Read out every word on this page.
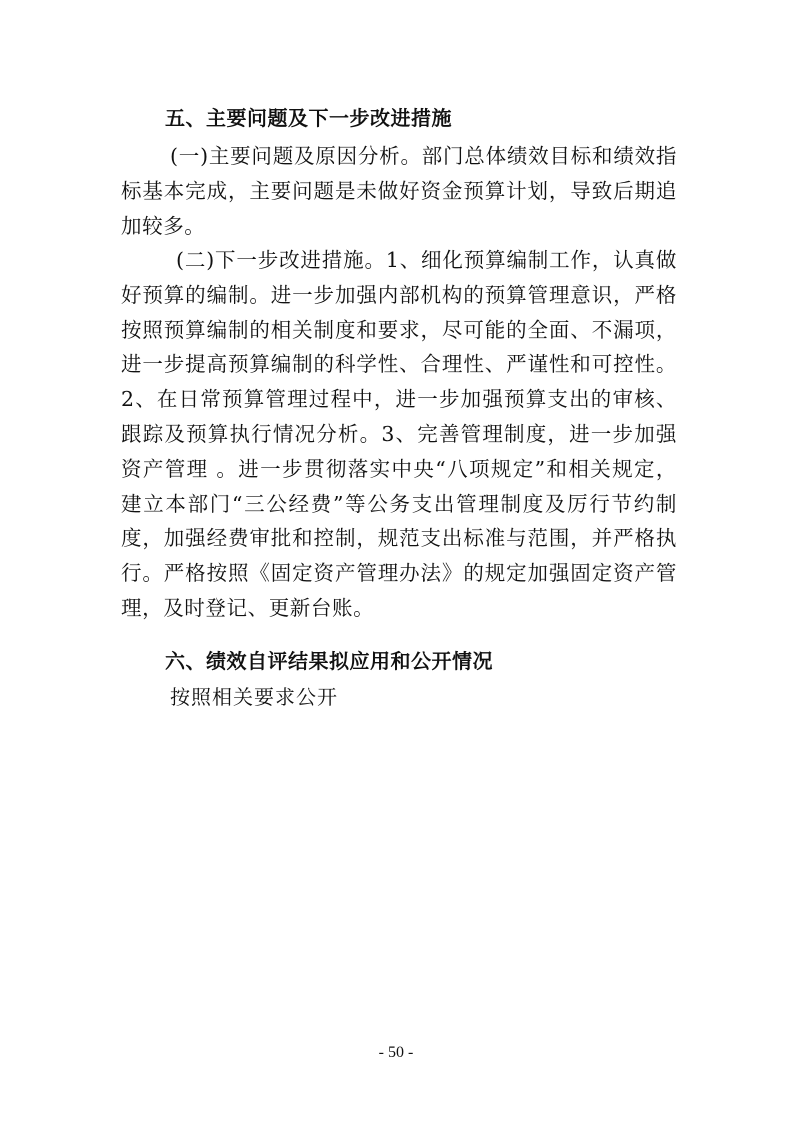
五、主要问题及下一步改进措施

(一)主要问题及原因分析。部门总体绩效目标和绩效指标基本完成，主要问题是未做好资金预算计划，导致后期追加较多。

(二)下一步改进措施。1、细化预算编制工作，认真做好预算的编制。进一步加强内部机构的预算管理意识，严格按照预算编制的相关制度和要求，尽可能的全面、不漏项，进一步提高预算编制的科学性、合理性、严谨性和可控性。2、在日常预算管理过程中，进一步加强预算支出的审核、跟踪及预算执行情况分析。3、完善管理制度，进一步加强资产管理 。进一步贯彻落实中央“八项规定”和相关规定，建立本部门“三公经费”等公务支出管理制度及厉行节约制度，加强经费审批和控制，规范支出标准与范围，并严格执行。严格按照《固定资产管理办法》的规定加强固定资产管理，及时登记、更新台账。

六、绩效自评结果拟应用和公开情况
按照相关要求公开
- 50 -
